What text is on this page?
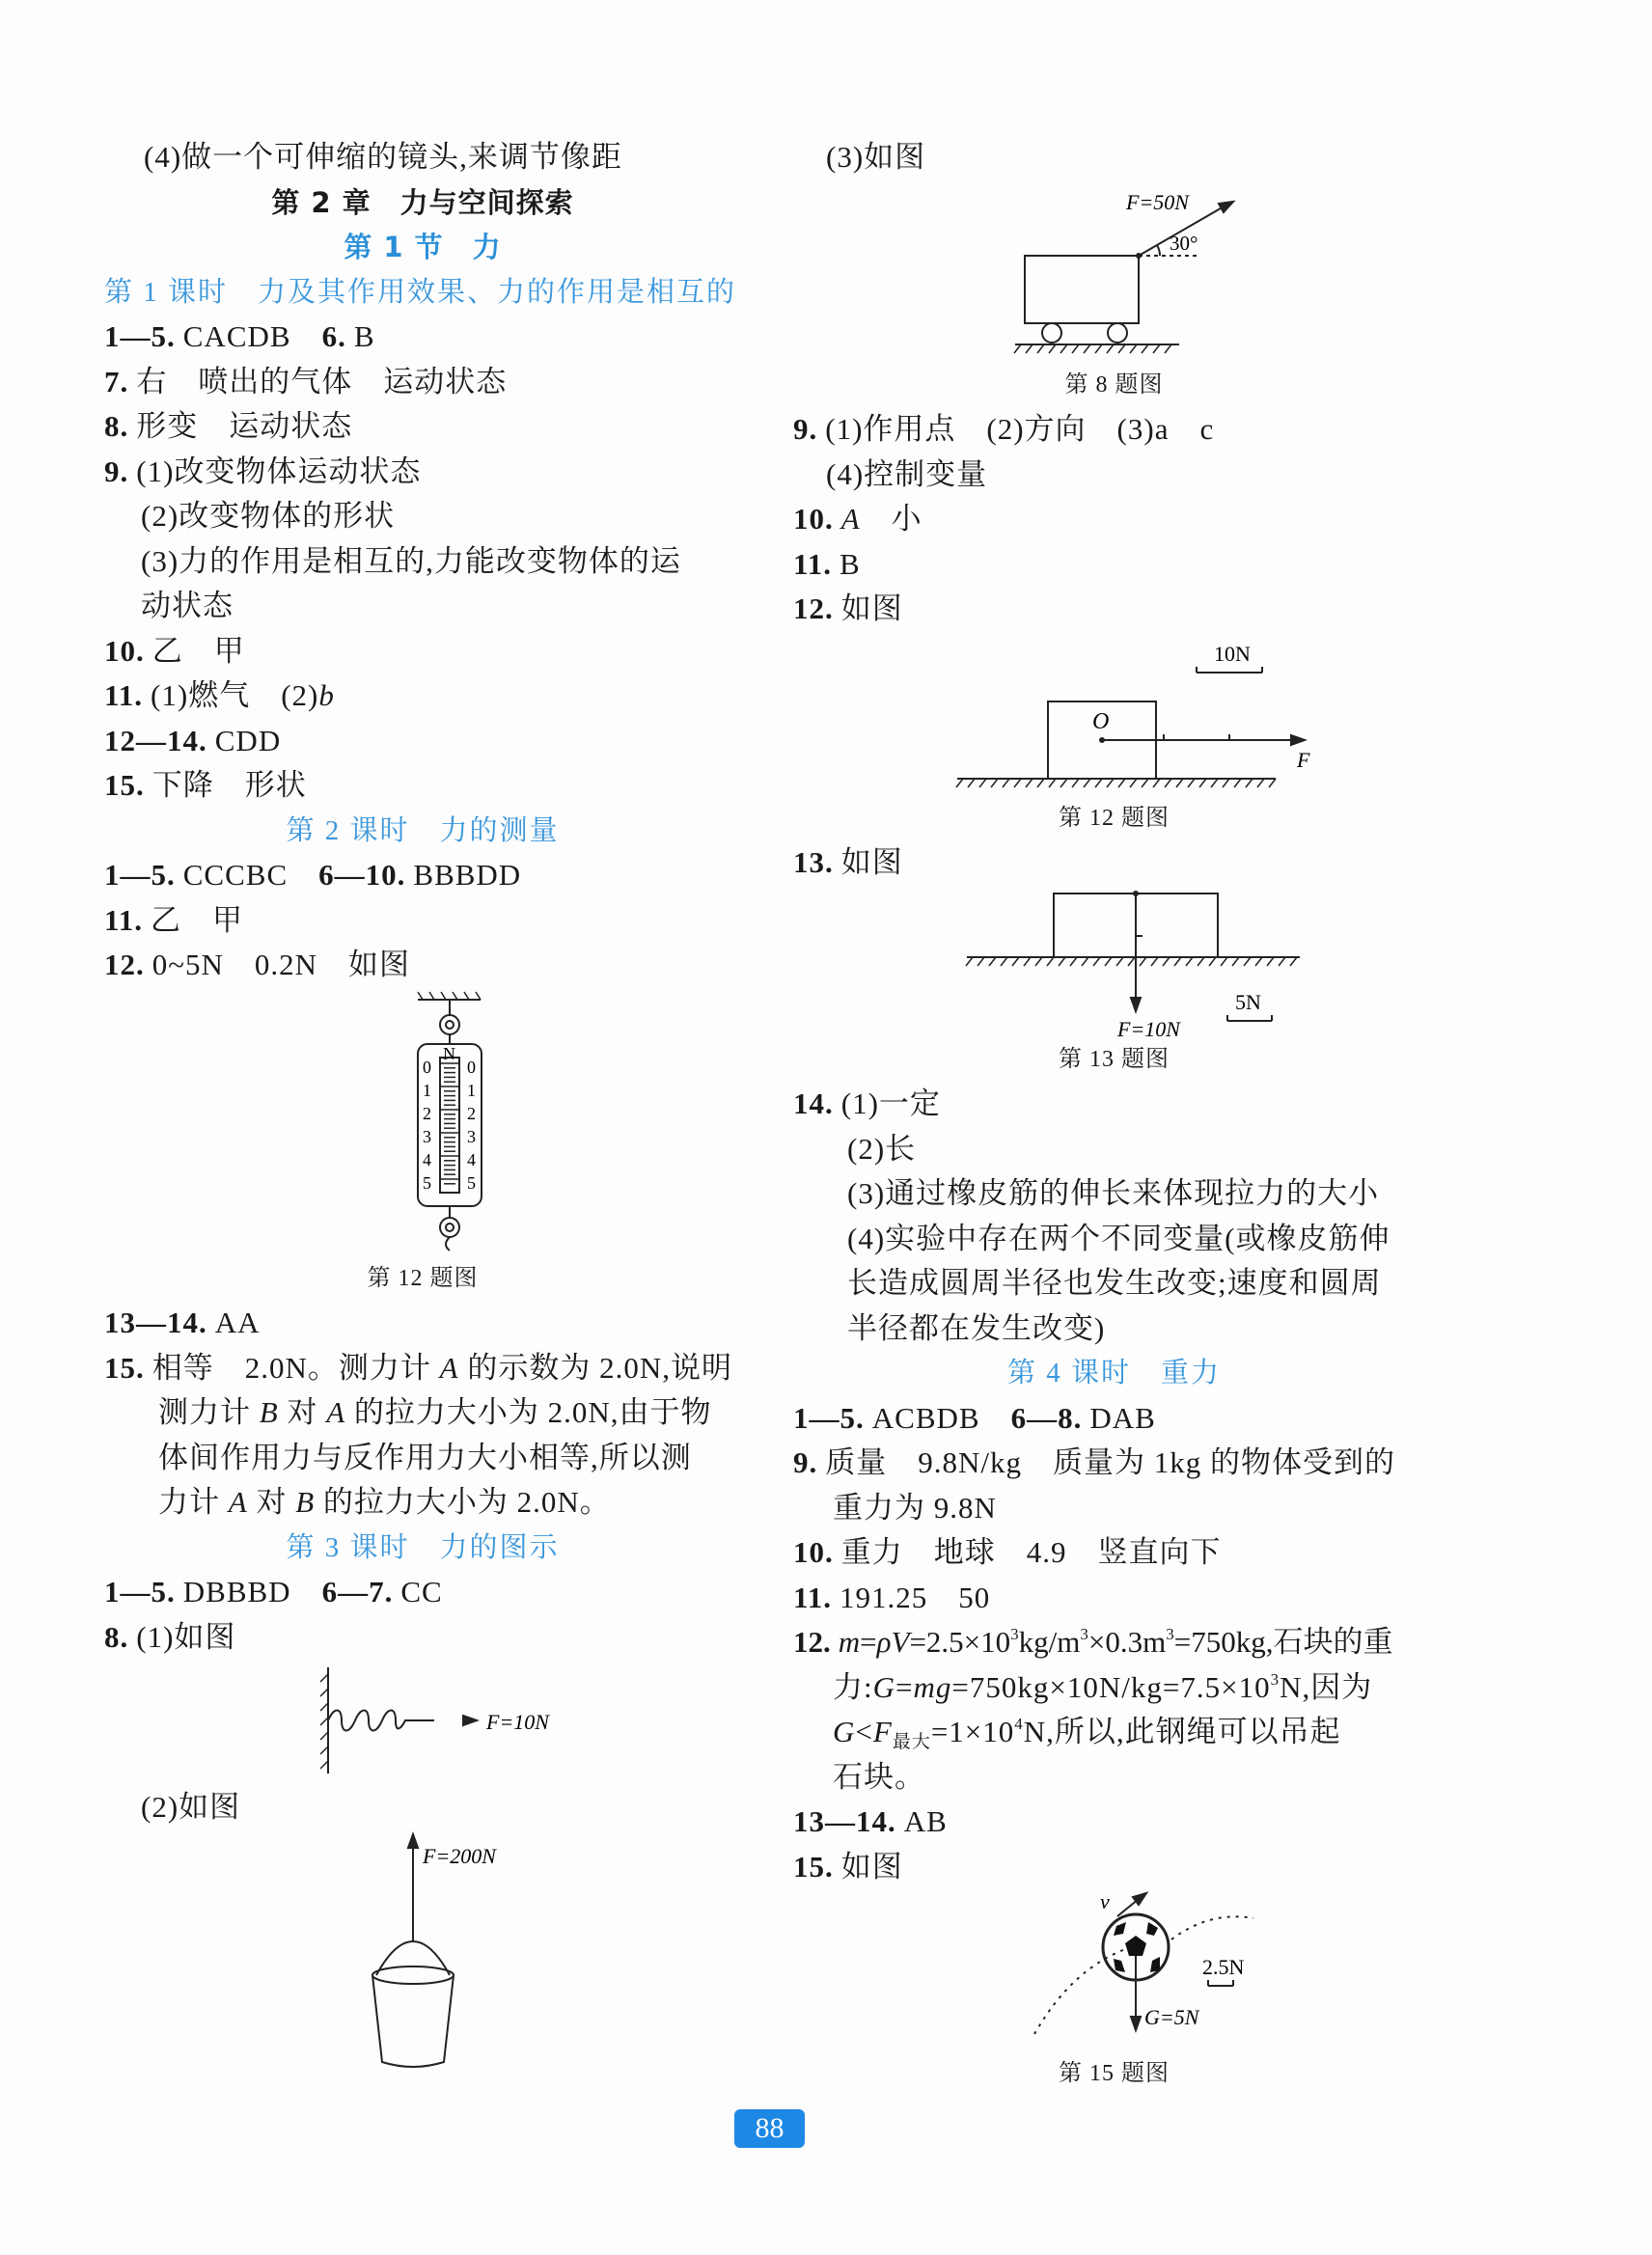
(4)做一个可伸缩的镜头,来调节像距
第 2 章　力与空间探索
第 1 节　力
第 1 课时　力及其作用效果、力的作用是相互的
1—5. CACDB　6. B
7. 右　喷出的气体　运动状态
8. 形变　运动状态
9. (1)改变物体运动状态
(2)改变物体的形状
(3)力的作用是相互的,力能改变物体的运
动状态
10. 乙　甲
11. (1)燃气　(2)b
12—14. CDD
15. 下降　形状
第 2 课时　力的测量
1—5. CCCBC　6—10. BBBDD
11. 乙　甲
12. 0~5N　0.2N　如图
N
0 0
1 1
2 2
3 3
4 4
5 5
第 12 题图
13—14. AA
15. 相等　2.0N。测力计 A 的示数为 2.0N,说明
测力计 B 对 A 的拉力大小为 2.0N,由于物
体间作用力与反作用力大小相等,所以测
力计 A 对 B 的拉力大小为 2.0N。
第 3 课时　力的图示
1—5. DBBBD　6—7. CC
8. (1)如图
F=10N
(2)如图
F=200N
(3)如图
F=50N
30°
第 8 题图
9. (1)作用点　(2)方向　(3)a　c
(4)控制变量
10. A　小
11. B
12. 如图
10N
O
F
第 12 题图
13. 如图
F=10N
5N
第 13 题图
14. (1)一定
(2)长
(3)通过橡皮筋的伸长来体现拉力的大小
(4)实验中存在两个不同变量(或橡皮筋伸
长造成圆周半径也发生改变;速度和圆周
半径都在发生改变)
第 4 课时　重力
1—5. ACBDB　6—8. DAB
9. 质量　9.8N/kg　质量为 1kg 的物体受到的
重力为 9.8N
10. 重力　地球　4.9　竖直向下
11. 191.25　50
12. $m=\rho V=2.5\times 10^3kg/m^3\times 0.3m^3=750kg$,石块的重
力$:G=mg=750kg\times 10N/kg=7.5\times 10^3N$,因为
$G<F_{最大}=1\times 10^4N$,所以,此钢绳可以吊起
石块。
13—14. AB
15. 如图
v
2.5N
G=5N
第 15 题图
88
